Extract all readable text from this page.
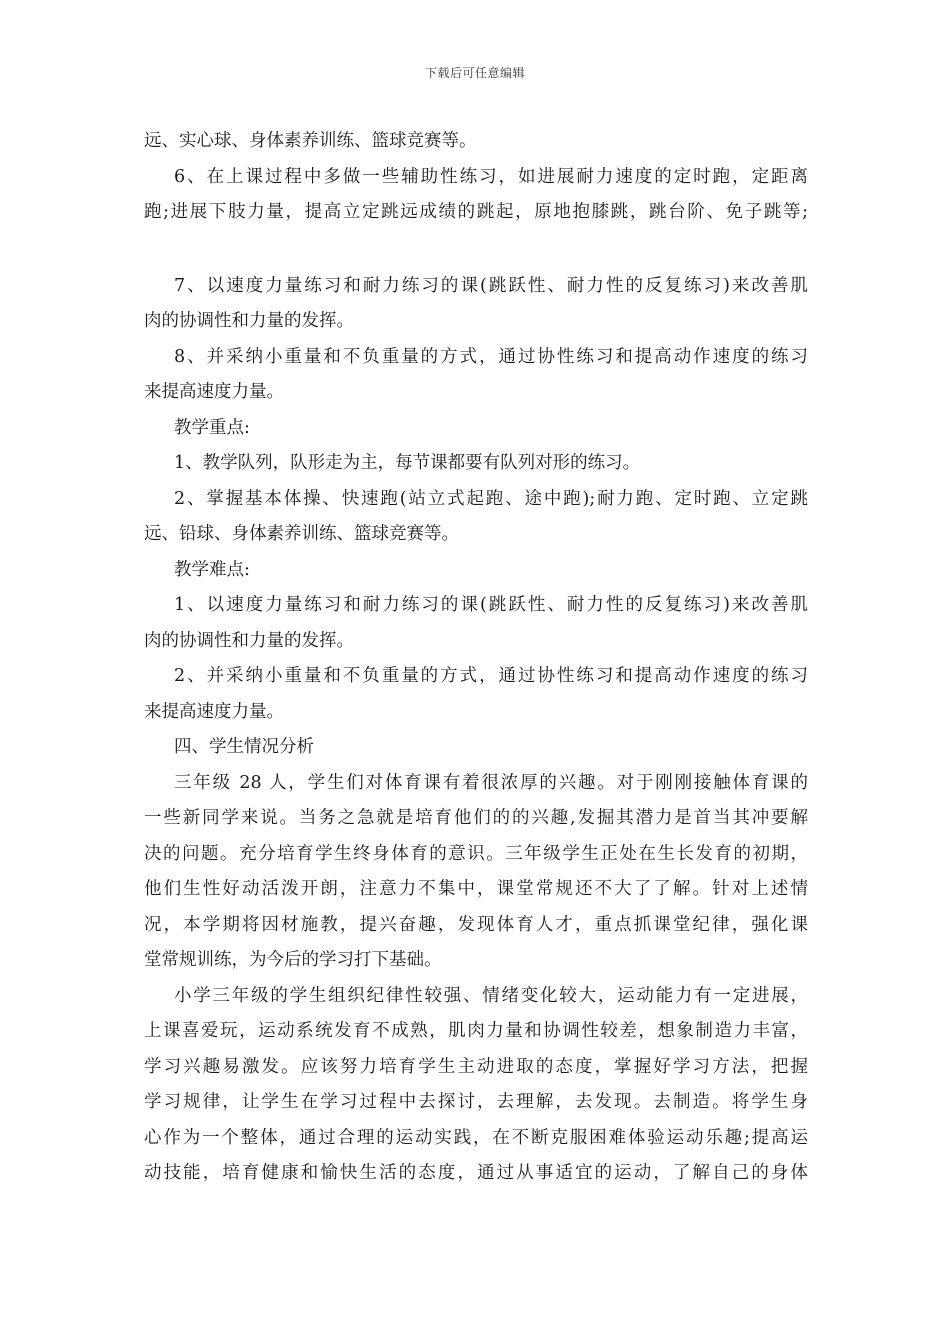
下载后可任意编辑
远、实心球、身体素养训练、篮球竞赛等。
6、在上课过程中多做一些辅助性练习，如进展耐力速度的定时跑，定距离
跑;进展下肢力量，提高立定跳远成绩的跳起，原地抱膝跳，跳台阶、免子跳等;
7、以速度力量练习和耐力练习的课(跳跃性、耐力性的反复练习)来改善肌
肉的协调性和力量的发挥。
8、并采纳小重量和不负重量的方式，通过协性练习和提高动作速度的练习
来提高速度力量。
教学重点:
1、教学队列，队形走为主，每节课都要有队列对形的练习。
2、掌握基本体操、快速跑(站立式起跑、途中跑);耐力跑、定时跑、立定跳
远、铅球、身体素养训练、篮球竞赛等。
教学难点:
1、以速度力量练习和耐力练习的课(跳跃性、耐力性的反复练习)来改善肌
肉的协调性和力量的发挥。
2、并采纳小重量和不负重量的方式，通过协性练习和提高动作速度的练习
来提高速度力量。
四、学生情况分析
三年级 28 人，学生们对体育课有着很浓厚的兴趣。对于刚刚接触体育课的
一些新同学来说。当务之急就是培育他们的的兴趣,发掘其潜力是首当其冲要解
决的问题。充分培育学生终身体育的意识。三年级学生正处在生长发育的初期，
他们生性好动活泼开朗，注意力不集中，课堂常规还不大了了解。针对上述情
况，本学期将因材施教，提兴奋趣，发现体育人才，重点抓课堂纪律，强化课
堂常规训练，为今后的学习打下基础。
小学三年级的学生组织纪律性较强、情绪变化较大，运动能力有一定进展，
上课喜爱玩，运动系统发育不成熟，肌肉力量和协调性较差，想象制造力丰富，
学习兴趣易激发。应该努力培育学生主动进取的态度，掌握好学习方法，把握
学习规律，让学生在学习过程中去探讨，去理解，去发现。去制造。将学生身
心作为一个整体，通过合理的运动实践，在不断克服困难体验运动乐趣;提高运
动技能，培育健康和愉快生活的态度，通过从事适宜的运动，了解自己的身体
